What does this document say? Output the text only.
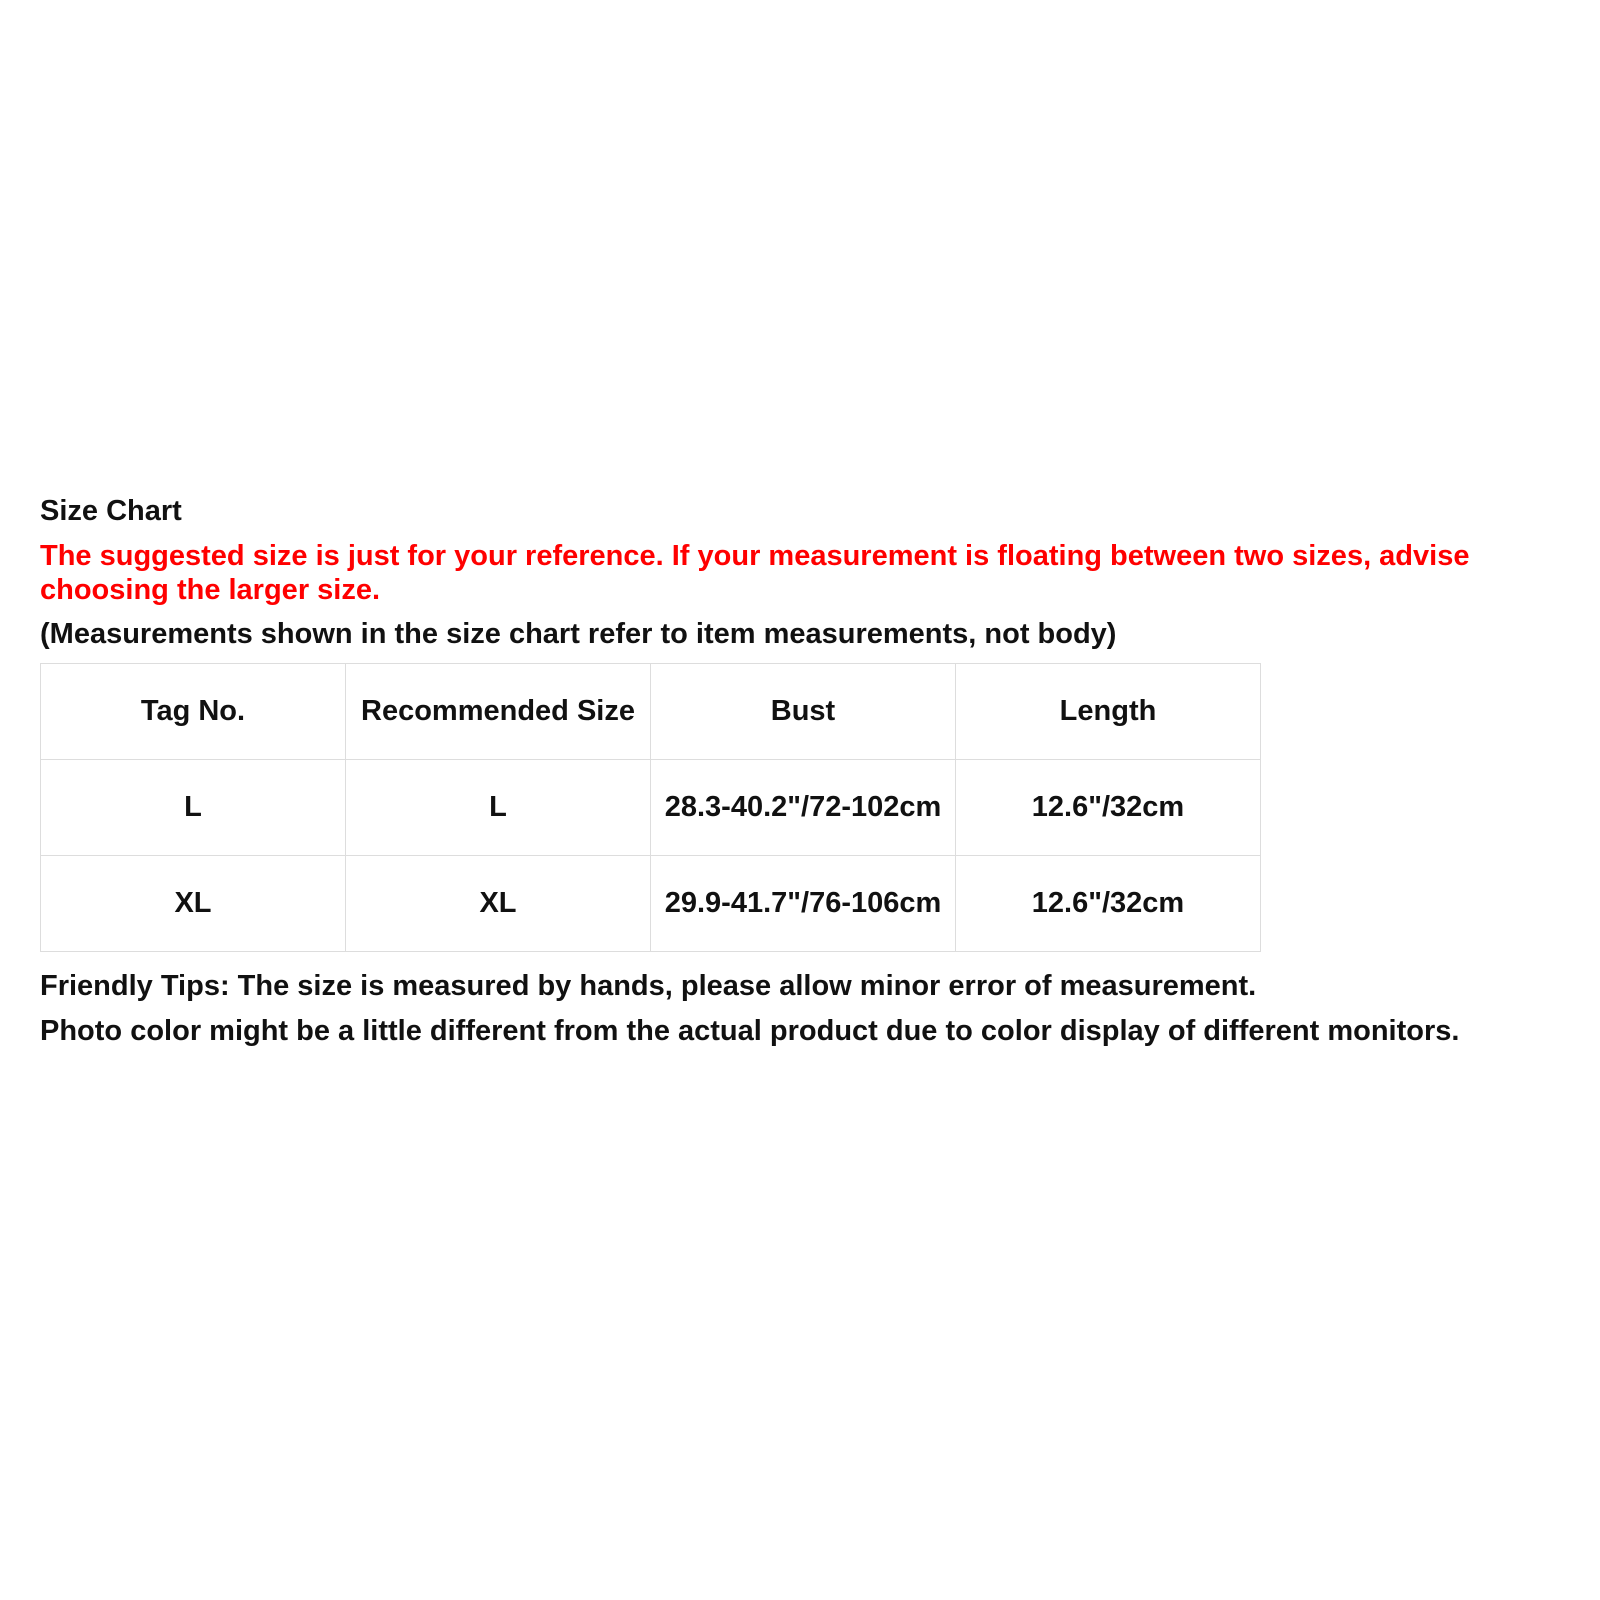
Size Chart

The suggested size is just for your reference. If your measurement is floating between two sizes, advise choosing the larger size.

(Measurements shown in the size chart refer to item measurements, not body)

Tag No.	Recommended Size	Bust	Length
L	L	28.3-40.2"/72-102cm	12.6"/32cm
XL	XL	29.9-41.7"/76-106cm	12.6"/32cm

Friendly Tips: The size is measured by hands, please allow minor error of measurement.

Photo color might be a little different from the actual product due to color display of different monitors.
